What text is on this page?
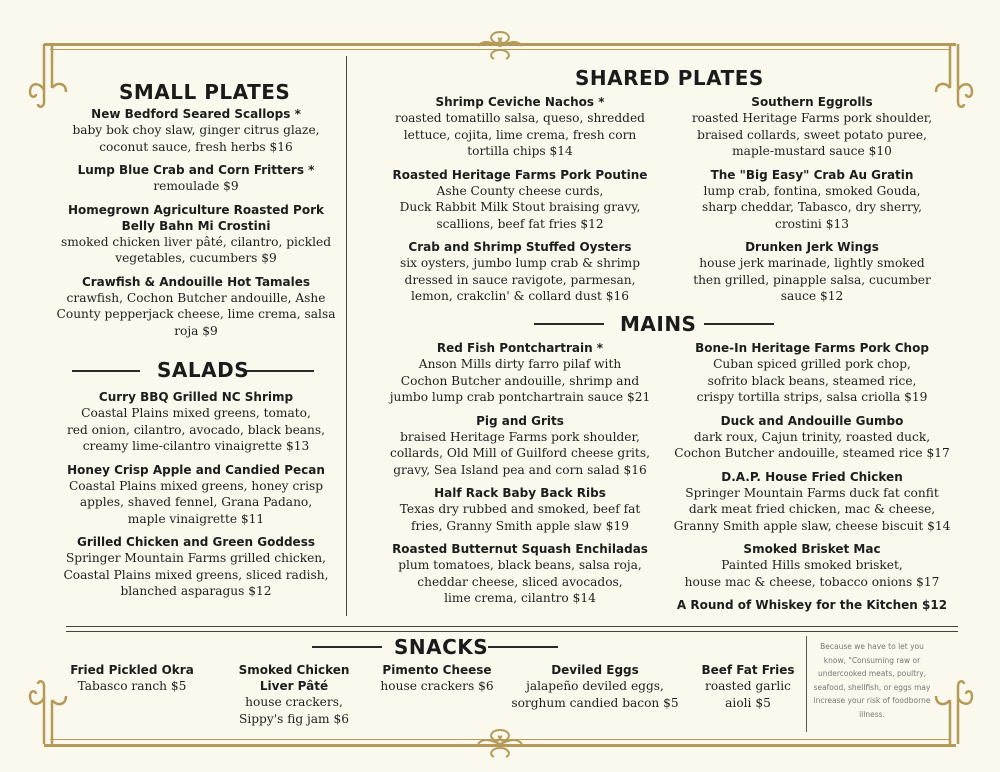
SMALL PLATES
New Bedford Seared Scallops *
baby bok choy slaw, ginger citrus glaze,
coconut sauce, fresh herbs $16
Lump Blue Crab and Corn Fritters *
remoulade $9
Homegrown Agriculture Roasted Pork
Belly Bahn Mi Crostini
smoked chicken liver pâté, cilantro, pickled
vegetables, cucumbers $9
Crawfish & Andouille Hot Tamales
crawfish, Cochon Butcher andouille, Ashe
County pepperjack cheese, lime crema, salsa
roja $9
SALADS
Curry BBQ Grilled NC Shrimp
Coastal Plains mixed greens, tomato,
red onion, cilantro, avocado, black beans,
creamy lime-cilantro vinaigrette $13
Honey Crisp Apple and Candied Pecan
Coastal Plains mixed greens, honey crisp
apples, shaved fennel, Grana Padano,
maple vinaigrette $11
Grilled Chicken and Green Goddess
Springer Mountain Farms grilled chicken,
Coastal Plains mixed greens, sliced radish,
blanched asparagus $12
SHARED PLATES
Shrimp Ceviche Nachos *
roasted tomatillo salsa, queso, shredded
lettuce, cojita, lime crema, fresh corn
tortilla chips $14
Roasted Heritage Farms Pork Poutine
Ashe County cheese curds,
Duck Rabbit Milk Stout braising gravy,
scallions, beef fat fries $12
Crab and Shrimp Stuffed Oysters
six oysters, jumbo lump crab & shrimp
dressed in sauce ravigote, parmesan,
lemon, crakclin' & collard dust $16
Southern Eggrolls
roasted Heritage Farms pork shoulder,
braised collards, sweet potato puree,
maple-mustard sauce $10
The "Big Easy" Crab Au Gratin
lump crab, fontina, smoked Gouda,
sharp cheddar, Tabasco, dry sherry,
crostini $13
Drunken Jerk Wings
house jerk marinade, lightly smoked
then grilled, pinapple salsa, cucumber
sauce $12
MAINS
Red Fish Pontchartrain *
Anson Mills dirty farro pilaf with
Cochon Butcher andouille, shrimp and
jumbo lump crab pontchartrain sauce $21
Pig and Grits
braised Heritage Farms pork shoulder,
collards, Old Mill of Guilford cheese grits,
gravy, Sea Island pea and corn salad $16
Half Rack Baby Back Ribs
Texas dry rubbed and smoked, beef fat
fries, Granny Smith apple slaw $19
Roasted Butternut Squash Enchiladas
plum tomatoes, black beans, salsa roja,
cheddar cheese, sliced avocados,
lime crema, cilantro $14
Bone-In Heritage Farms Pork Chop
Cuban spiced grilled pork chop,
sofrito black beans, steamed rice,
crispy tortilla strips, salsa criolla $19
Duck and Andouille Gumbo
dark roux, Cajun trinity, roasted duck,
Cochon Butcher andouille, steamed rice $17
D.A.P. House Fried Chicken
Springer Mountain Farms duck fat confit
dark meat fried chicken, mac & cheese,
Granny Smith apple slaw, cheese biscuit $14
Smoked Brisket Mac
Painted Hills smoked brisket,
house mac & cheese, tobacco onions $17
A Round of Whiskey for the Kitchen $12
SNACKS
Fried Pickled Okra
Tabasco ranch $5
Smoked Chicken
Liver Pâté
house crackers,
Sippy's fig jam $6
Pimento Cheese
house crackers $6
Deviled Eggs
jalapeño deviled eggs,
sorghum candied bacon $5
Beef Fat Fries
roasted garlic
aioli $5
Because we have to let you
know, "Consuming raw or
undercooked meats, poultry,
seafood, shellfish, or eggs may
increase your risk of foodborne
illness.
